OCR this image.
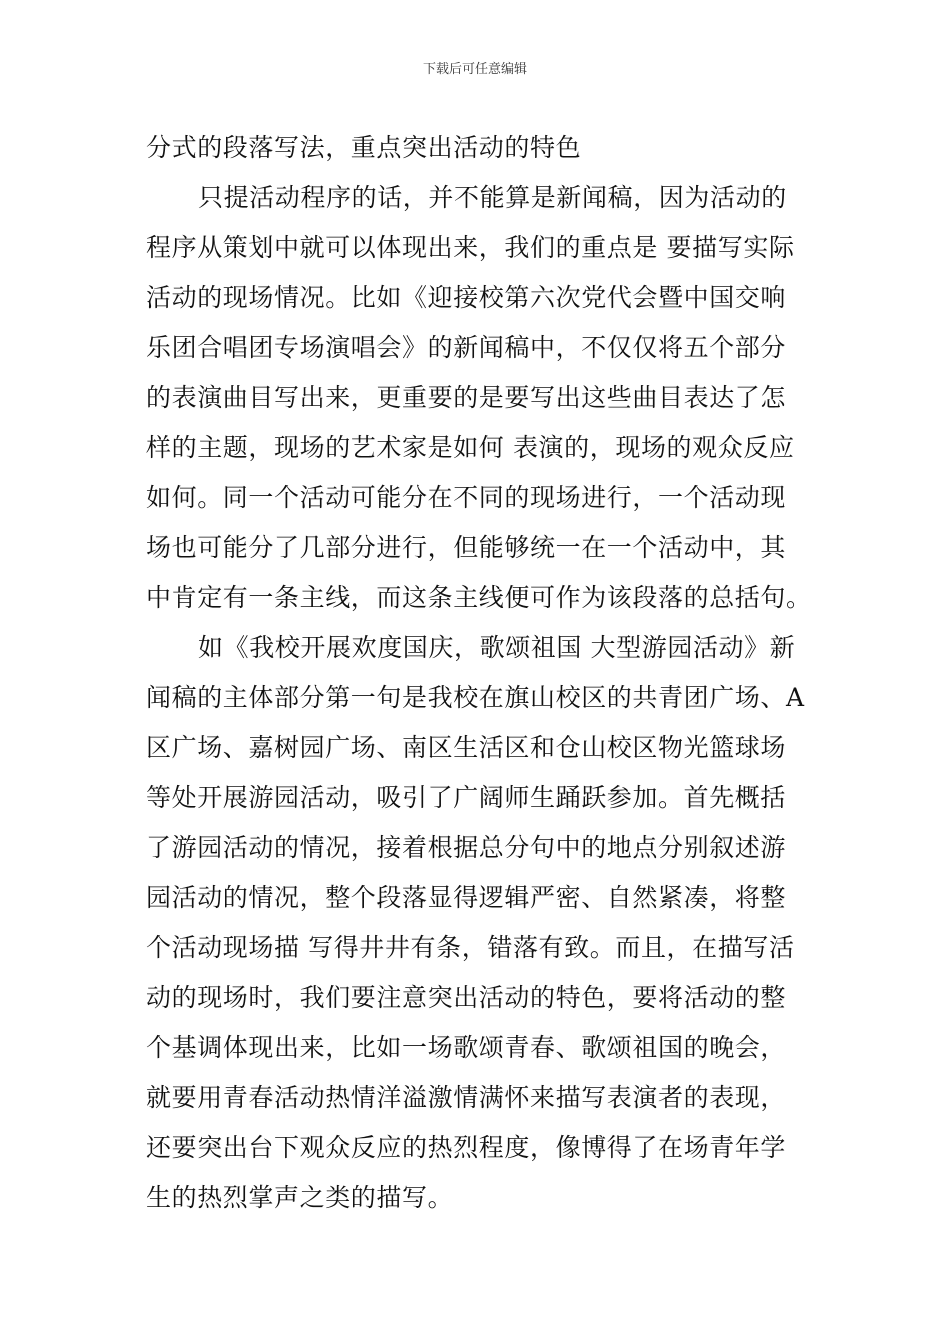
下载后可任意编辑
分式的段落写法，重点突出活动的特色
只提活动程序的话，并不能算是新闻稿，因为活动的
程序从策划中就可以体现出来，我们的重点是 要描写实际
活动的现场情况。比如《迎接校第六次党代会暨中国交响
乐团合唱团专场演唱会》的新闻稿中，不仅仅将五个部分
的表演曲目写出来，更重要的是要写出这些曲目表达了怎
样的主题，现场的艺术家是如何 表演的，现场的观众反应
如何。同一个活动可能分在不同的现场进行，一个活动现
场也可能分了几部分进行，但能够统一在一个活动中，其
中肯定有一条主线，而这条主线便可作为该段落的总括句。
如《我校开展欢度国庆，歌颂祖国 大型游园活动》新
闻稿的主体部分第一句是我校在旗山校区的共青团广场、A
区广场、嘉树园广场、南区生活区和仓山校区物光篮球场
等处开展游园活动，吸引了广阔师生踊跃参加。首先概括
了游园活动的情况，接着根据总分句中的地点分别叙述游
园活动的情况，整个段落显得逻辑严密、自然紧凑，将整
个活动现场描 写得井井有条，错落有致。而且，在描写活
动的现场时，我们要注意突出活动的特色，要将活动的整
个基调体现出来，比如一场歌颂青春、歌颂祖国的晚会，
就要用青春活动热情洋溢激情满怀来描写表演者的表现，
还要突出台下观众反应的热烈程度，像博得了在场青年学
生的热烈掌声之类的描写。
